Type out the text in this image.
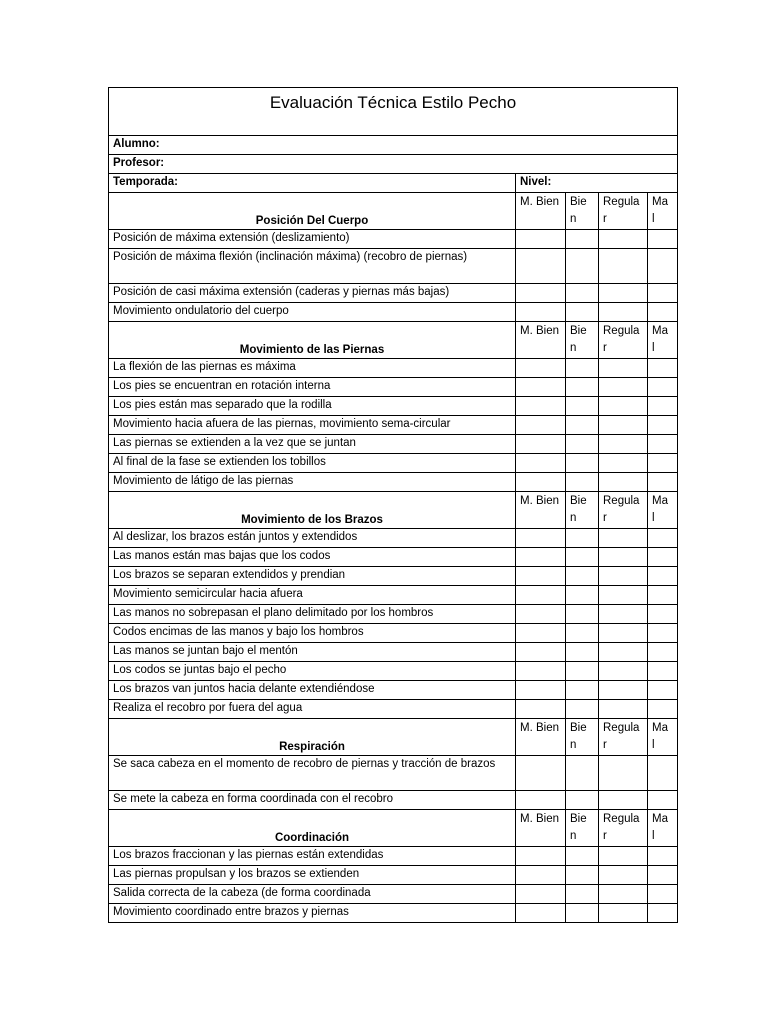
Evaluación Técnica Estilo Pecho				
Alumno:				
Profesor:				
Temporada:	Nivel:			
Posición Del Cuerpo	M. Bien	Bie n	Regula r	Ma l
Posición de máxima extensión (deslizamiento)				
Posición de máxima flexión (inclinación máxima) (recobro de piernas)				
Posición de casi máxima extensión (caderas y piernas más bajas)				
Movimiento ondulatorio del cuerpo				
Movimiento de las Piernas	M. Bien	Bie n	Regula r	Ma l
La flexión de las piernas es máxima				
Los pies se encuentran en rotación interna				
Los pies están mas separado que la rodilla				
Movimiento hacia afuera de las piernas, movimiento sema-circular				
Las piernas se extienden a la vez que se juntan				
Al final de la fase se extienden los tobillos				
Movimiento de látigo de las piernas				
Movimiento de los Brazos	M. Bien	Bie n	Regula r	Ma l
Al deslizar, los brazos están juntos y extendidos				
Las manos están mas bajas que los codos				
Los brazos se separan extendidos y prendian				
Movimiento semicircular hacia afuera				
Las manos no sobrepasan el plano delimitado por los hombros				
Codos encimas de las manos y bajo los hombros				
Las manos se juntan bajo el mentón				
Los codos se juntas bajo el pecho				
Los brazos van juntos hacia delante extendiéndose				
Realiza el recobro por fuera del agua				
Respiración	M. Bien	Bie n	Regula r	Ma l
Se saca cabeza en el momento de recobro de piernas y tracción de brazos				
Se mete la cabeza en forma coordinada con el recobro				
Coordinación	M. Bien	Bie n	Regula r	Ma l
Los brazos fraccionan y las piernas están extendidas				
Las piernas propulsan y los brazos se extienden				
Salida correcta de la cabeza (de forma coordinada				
Movimiento coordinado entre brazos y piernas				
